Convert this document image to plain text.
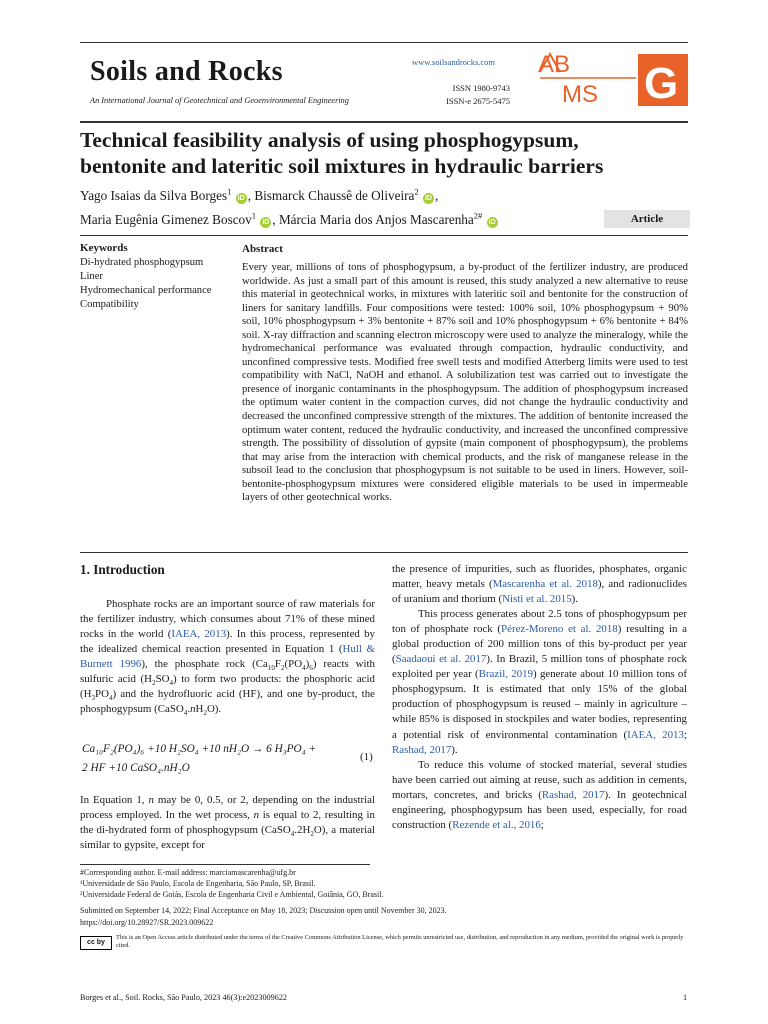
Soils and Rocks
An International Journal of Geotechnical and Geoenvironmental Engineering
www.soilsandrocks.com
ISSN 1980-9743
ISSN-e 2675-5475
AB
MS G
Technical feasibility analysis of using phosphogypsum,
bentonite and lateritic soil mixtures in hydraulic barriers
Yago Isaias da Silva Borges$^1$ iD , Bismarck Chaussê de Oliveira$^2$ iD ,
Maria Eugênia Gimenez Boscov$^1$ iD , Márcia Maria dos Anjos Mascarenha$^{2\#}$ iD	Article
Keywords
Di-hydrated phosphogypsum
Liner
Hydromechanical performance
Compatibility
Abstract
Every year, millions of tons of phosphogypsum, a by-product of the fertilizer industry, are produced worldwide. As just a small part of this amount is reused, this study analyzed a new alternative to reuse this material in geotechnical works, in mixtures with lateritic soil and bentonite for the construction of liners for sanitary landfills. Four compositions were tested: 100% soil, 10% phosphogypsum + 90% soil, 10% phosphogypsum + 3% bentonite + 87% soil and 10% phosphogypsum + 6% bentonite + 84% soil. X-ray diffraction and scanning electron microscopy were used to analyze the mineralogy, while the hydromechanical performance was evaluated through compaction, hydraulic conductivity, and unconfined compressive tests. Modified free swell tests and modified Atterberg limits were used to test compatibility with NaCl, NaOH and ethanol. A solubilization test was carried out to investigate the presence of inorganic contaminants in the phosphogypsum. The addition of phosphogypsum increased the optimum water content in the compaction curves, did not change the hydraulic conductivity and decreased the unconfined compressive strength of the mixtures. The addition of bentonite increased the optimum water content, reduced the hydraulic conductivity, and increased the unconfined compressive strength. The possibility of dissolution of gypsite (main component of phosphogypsum), the problems that may arise from the interaction with chemical products, and the risk of manganese release in the subsoil lead to the conclusion that phosphogypsum is not suitable to be used in liners. However, soil-bentonite-phosphogypsum mixtures were considered eligible materials to be used in impermeable layers of other geotechnical works.
1. Introduction

Phosphate rocks are an important source of raw materials for the fertilizer industry, which consumes about 71% of these mined rocks in the world (IAEA, 2013). In this process, represented by the idealized chemical reaction presented in Equation 1 (Hull & Burnett 1996), the phosphate rock $(Ca_{10}F_2(PO_4)_6)$ reacts with sulfuric acid $(H_2SO_4)$ to form two products: the phosphoric acid $(H_3PO_4)$ and the hydrofluoric acid (HF), and one by-product, the phosphogypsum $(CaSO_4.nH_2O)$.

Ca₁₀F₂(PO₄)₆ +10 H₂SO₄ +10 nH₂O → 6 H₃PO₄ +
2 HF +10 CaSO₄.nH₂O
(1)

In Equation 1, n may be 0, 0.5, or 2, depending on the industrial process employed. In the wet process, n is equal to 2, resulting in the di-hydrated form of phosphogypsum $(CaSO_4.2H_2O)$, a material similar to gypsite, except for

the presence of impurities, such as fluorides, phosphates, organic matter, heavy metals (Mascarenha et al. 2018), and radionuclides of uranium and thorium (Nisti et al. 2015).

This process generates about 2.5 tons of phosphogypsum per ton of phosphate rock (Pérez-Moreno et al. 2018) resulting in a global production of 200 million tons of this by-product per year (Saadaoui et al. 2017). In Brazil, 5 million tons of phosphate rock exploited per year (Brazil, 2019) generate about 10 million tons of phosphogypsum. It is estimated that only 15% of the global production of phosphogypsum is reused – mainly in agriculture – while 85% is disposed in stockpiles and water bodies, representing a potential risk of environmental contamination (IAEA, 2013; Rashad, 2017).

To reduce this volume of stocked material, several studies have been carried out aiming at reuse, such as addition in cements, mortars, concretes, and bricks (Rashad, 2017). In geotechnical engineering, phosphogypsum has been used, especially, for road construction (Rezende et al., 2016;

#Corresponding author. E-mail address: marciamascarenha@ufg.br
¹Universidade de São Paulo, Escola de Engenharia, São Paulo, SP, Brasil.
²Universidade Federal de Goiás, Escola de Engenharia Civil e Ambiental, Goiânia, GO, Brasil.
Submitted on September 14, 2022; Final Acceptance on May 18, 2023; Discussion open until November 30, 2023.
https://doi.org/10.28927/SR.2023.009622
cc by
This is an Open Access article distributed under the terms of the Creative Commons Attribution License, which permits unrestricted use, distribution, and reproduction in any medium, provided the original work is properly cited.
Borges et al., Soil. Rocks, São Paulo, 2023 46(3):e2023009622	1
